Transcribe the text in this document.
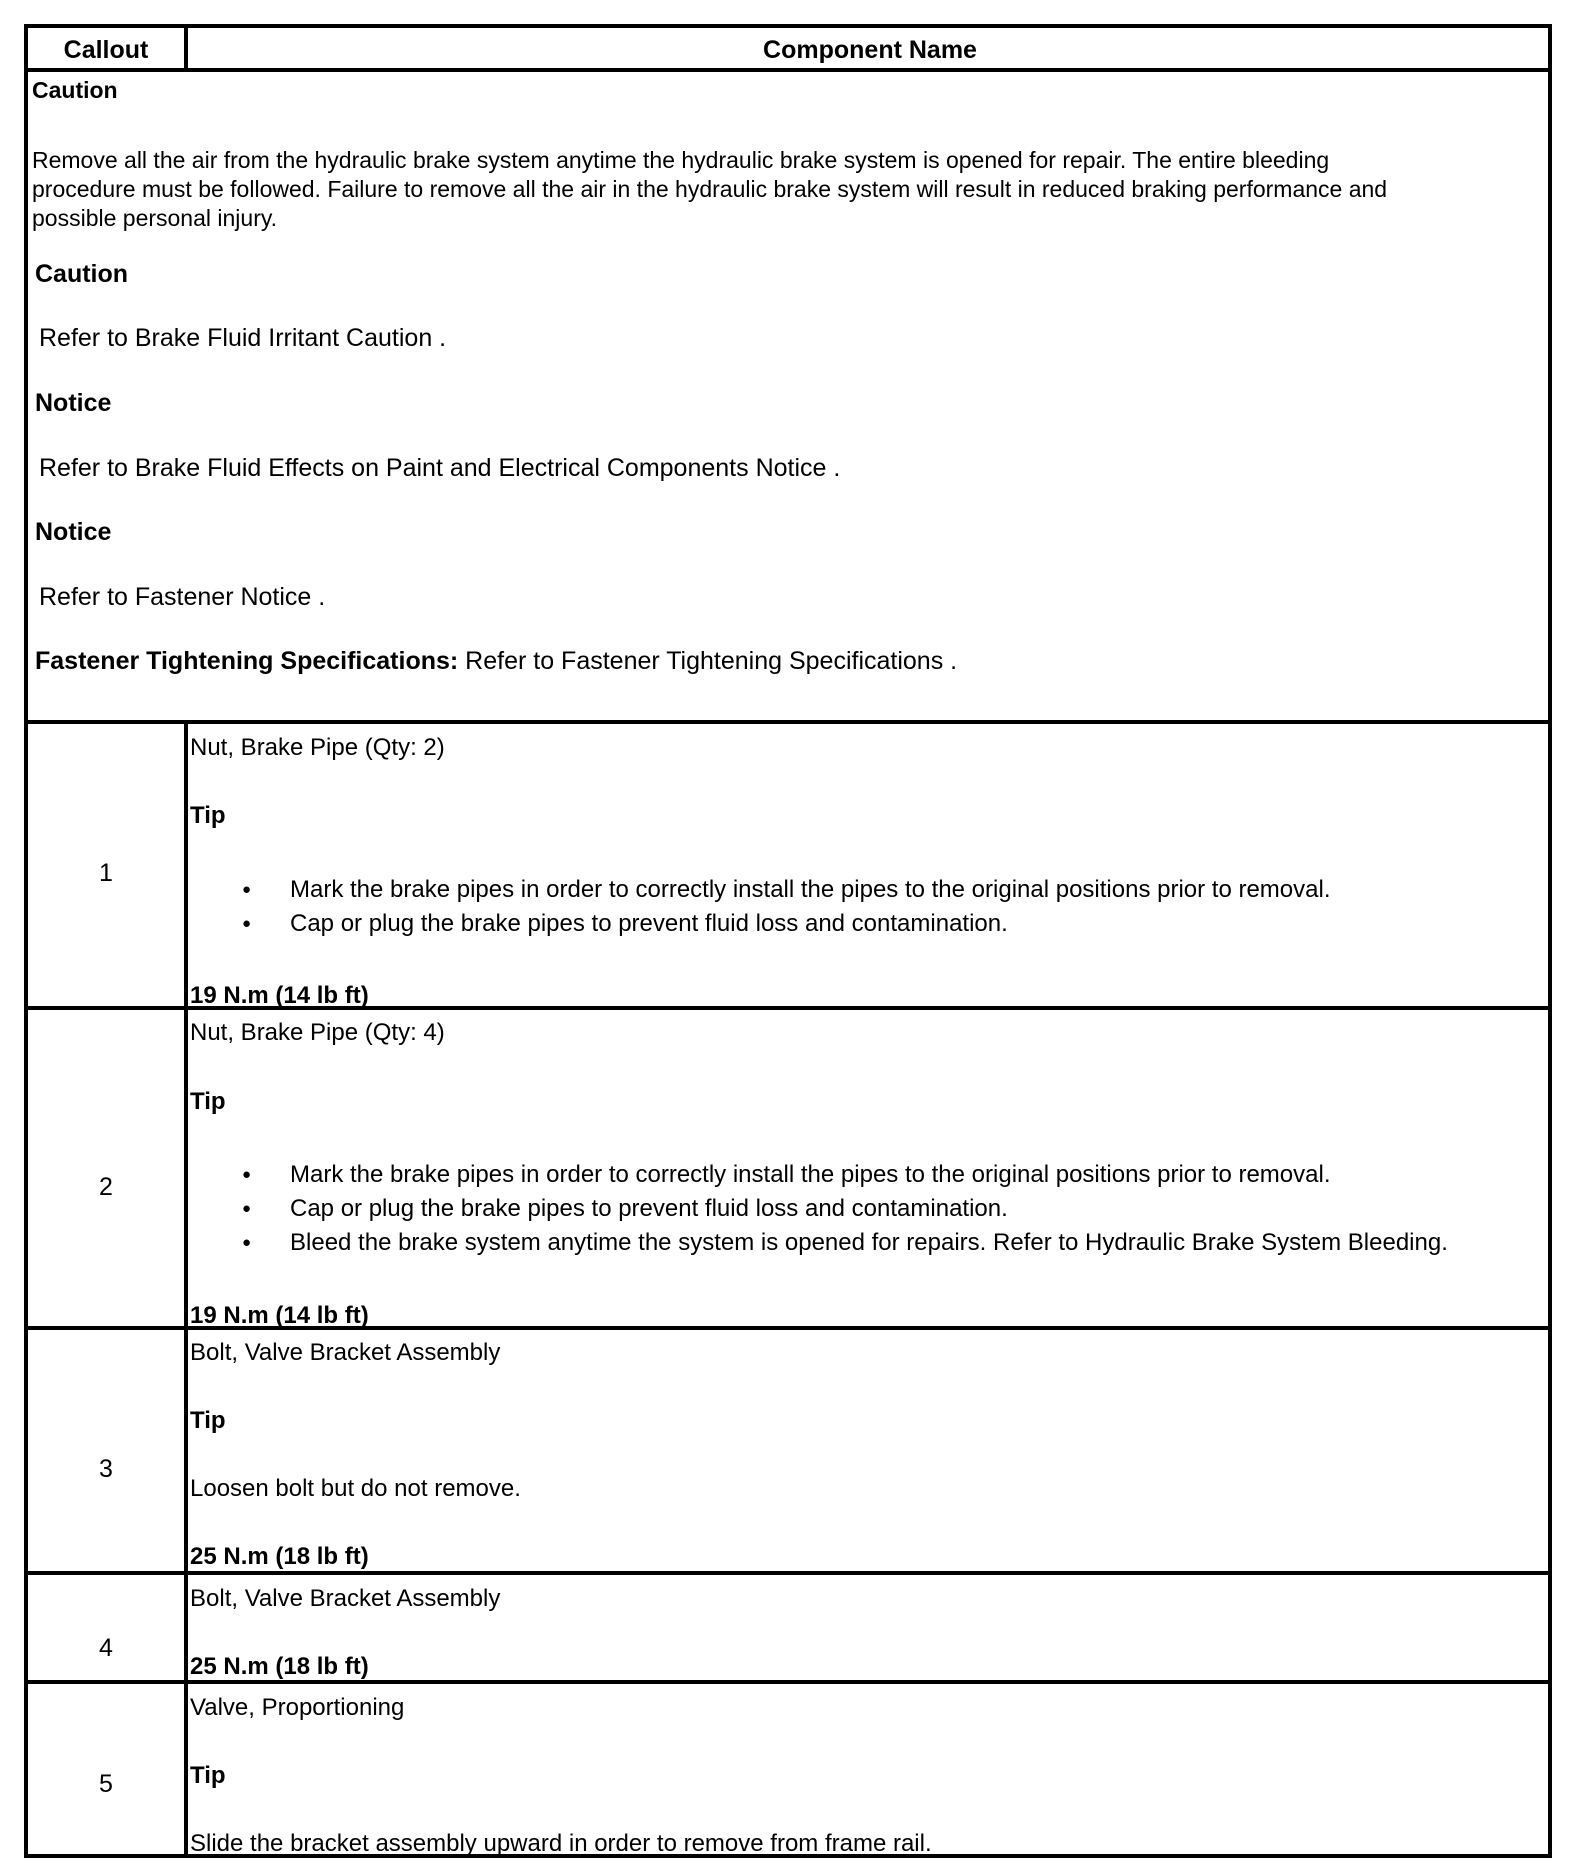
Callout	Component Name
Caution
Remove all the air from the hydraulic brake system anytime the hydraulic brake system is opened for repair. The entire bleeding
procedure must be followed. Failure to remove all the air in the hydraulic brake system will result in reduced braking performance and
possible personal injury.
Caution
Refer to Brake Fluid Irritant Caution .
Notice
Refer to Brake Fluid Effects on Paint and Electrical Components Notice .
Notice
Refer to Fastener Notice .
Fastener Tightening Specifications: Refer to Fastener Tightening Specifications .
1
Nut, Brake Pipe (Qty: 2)
Tip
● Mark the brake pipes in order to correctly install the pipes to the original positions prior to removal.
● Cap or plug the brake pipes to prevent fluid loss and contamination.
19 N.m (14 lb ft)
2
Nut, Brake Pipe (Qty: 4)
Tip
● Mark the brake pipes in order to correctly install the pipes to the original positions prior to removal.
● Cap or plug the brake pipes to prevent fluid loss and contamination.
● Bleed the brake system anytime the system is opened for repairs. Refer to Hydraulic Brake System Bleeding.
19 N.m (14 lb ft)
3
Bolt, Valve Bracket Assembly
Tip
Loosen bolt but do not remove.
25 N.m (18 lb ft)
4
Bolt, Valve Bracket Assembly
25 N.m (18 lb ft)
5
Valve, Proportioning
Tip
Slide the bracket assembly upward in order to remove from frame rail.
